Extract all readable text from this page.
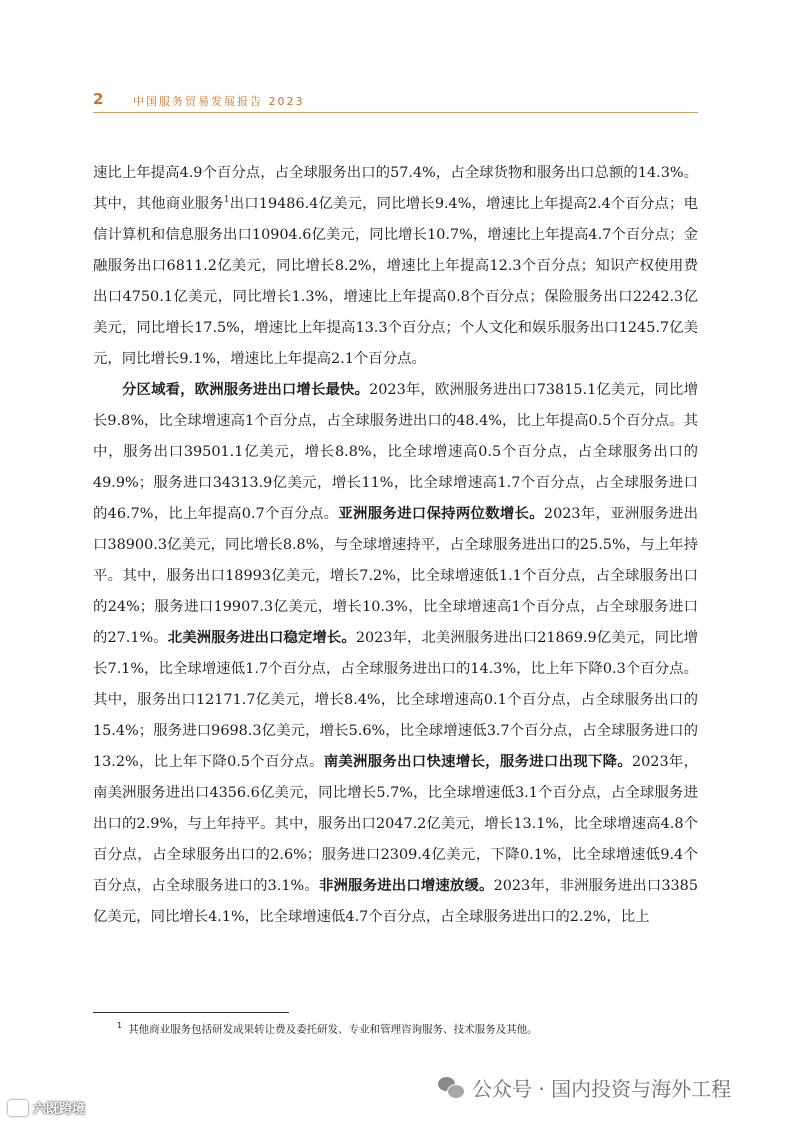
2	中国服务贸易发展报告 2023

速比上年提高4.9个百分点，占全球服务出口的57.4%，占全球货物和服务出口总额的14.3%。其中，其他商业服务$^1$出口19486.4亿美元，同比增长9.4%，增速比上年提高2.4个百分点；电信计算机和信息服务出口10904.6亿美元，同比增长10.7%，增速比上年提高4.7个百分点；金融服务出口6811.2亿美元，同比增长8.2%，增速比上年提高12.3个百分点；知识产权使用费出口4750.1亿美元，同比增长1.3%，增速比上年提高0.8个百分点；保险服务出口2242.3亿美元，同比增长17.5%，增速比上年提高13.3个百分点；个人文化和娱乐服务出口1245.7亿美元，同比增长9.1%，增速比上年提高2.1个百分点。

分区域看，欧洲服务进出口增长最快。2023年，欧洲服务进出口73815.1亿美元，同比增长9.8%，比全球增速高1个百分点，占全球服务进出口的48.4%，比上年提高0.5个百分点。其中，服务出口39501.1亿美元，增长8.8%，比全球增速高0.5个百分点，占全球服务出口的49.9%；服务进口34313.9亿美元，增长11%，比全球增速高1.7个百分点，占全球服务进口的46.7%，比上年提高0.7个百分点。亚洲服务进口保持两位数增长。2023年，亚洲服务进出口38900.3亿美元，同比增长8.8%，与全球增速持平，占全球服务进出口的25.5%，与上年持平。其中，服务出口18993亿美元，增长7.2%，比全球增速低1.1个百分点，占全球服务出口的24%；服务进口19907.3亿美元，增长10.3%，比全球增速高1个百分点，占全球服务进口的27.1%。北美洲服务进出口稳定增长。2023年，北美洲服务进出口21869.9亿美元，同比增长7.1%，比全球增速低1.7个百分点，占全球服务进出口的14.3%，比上年下降0.3个百分点。其中，服务出口12171.7亿美元，增长8.4%，比全球增速高0.1个百分点，占全球服务出口的15.4%；服务进口9698.3亿美元，增长5.6%，比全球增速低3.7个百分点，占全球服务进口的13.2%，比上年下降0.5个百分点。南美洲服务出口快速增长，服务进口出现下降。2023年，南美洲服务进出口4356.6亿美元，同比增长5.7%，比全球增速低3.1个百分点，占全球服务进出口的2.9%，与上年持平。其中，服务出口2047.2亿美元，增长13.1%，比全球增速高4.8个百分点，占全球服务出口的2.6%；服务进口2309.4亿美元，下降0.1%，比全球增速低9.4个百分点，占全球服务进口的3.1%。非洲服务进出口增速放缓。2023年，非洲服务进出口3385亿美元，同比增长4.1%，比全球增速低4.7个百分点，占全球服务进出口的2.2%，比上

$^1$ 其他商业服务包括研发成果转让费及委托研发、专业和管理咨询服务、技术服务及其他。
公众号 · 国内投资与海外工程
六既跨境
